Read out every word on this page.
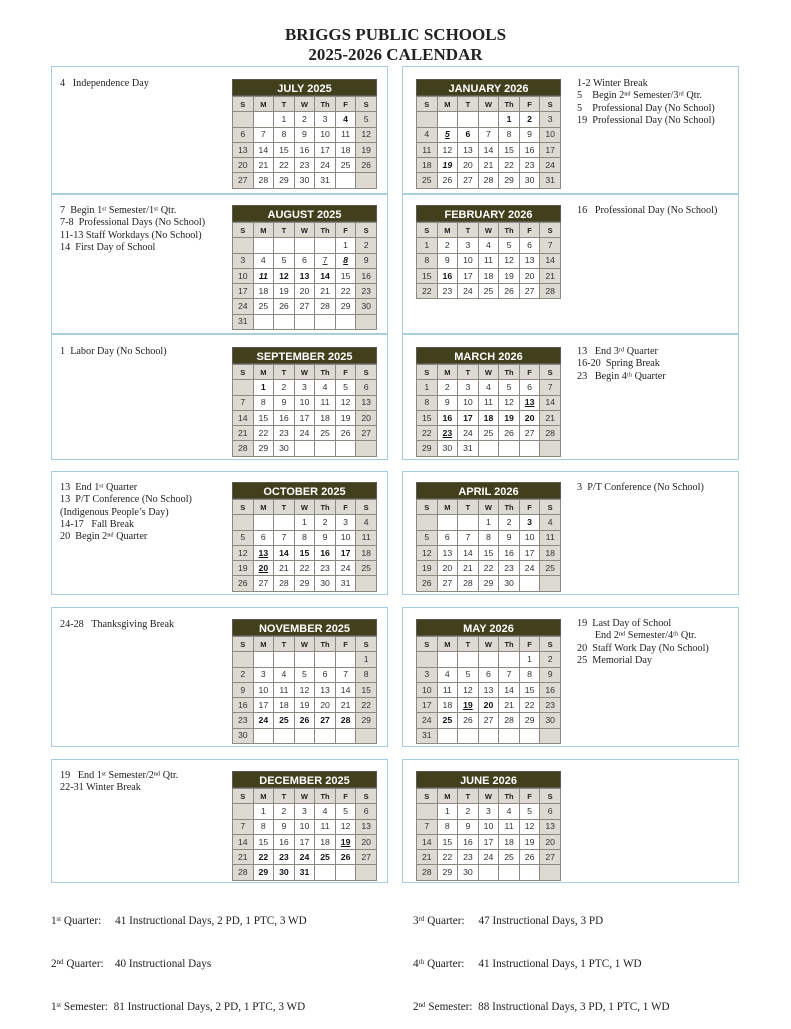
BRIGGS PUBLIC SCHOOLS
2025-2026 CALENDAR
4   Independence Day	JULY 2025
S	M	T	W	Th	F	S
		1	2	3	4	5
6	7	8	9	10	11	12
13	14	15	16	17	18	19
20	21	22	23	24	25	26
27	28	29	30	31		
7  Begin 1ˢᵗ Semester/1ˢᵗ Qtr.
7-8  Professional Days (No School)
11-13 Staff Workdays (No School)
14  First Day of School
AUGUST 2025
S	M	T	W	Th	F	S
					1	2
3	4	5	6	7	8	9
10	11	12	13	14	15	16
17	18	19	20	21	22	23
24	25	26	27	28	29	30
31						
1  Labor Day (No School)	SEPTEMBER 2025
S	M	T	W	Th	F	S
	1	2	3	4	5	6
7	8	9	10	11	12	13
14	15	16	17	18	19	20
21	22	23	24	25	26	27
28	29	30				
13  End 1ˢᵗ Quarter
13  P/T Conference (No School)
(Indigenous People’s Day)
14-17   Fall Break
20  Begin 2ⁿᵈ Quarter
OCTOBER 2025
S	M	T	W	Th	F	S
			1	2	3	4
5	6	7	8	9	10	11
12	13	14	15	16	17	18
19	20	21	22	23	24	25
26	27	28	29	30	31	
24-28   Thanksgiving Break	NOVEMBER 2025
S	M	T	W	Th	F	S
						1
2	3	4	5	6	7	8
9	10	11	12	13	14	15
16	17	18	19	20	21	22
23	24	25	26	27	28	29
30						
19   End 1ˢᵗ Semester/2ⁿᵈ Qtr.
22-31 Winter Break
DECEMBER 2025
S	M	T	W	Th	F	S
	1	2	3	4	5	6
7	8	9	10	11	12	13
14	15	16	17	18	19	20
21	22	23	24	25	26	27
28	29	30	31			
JANUARY 2026
S	M	T	W	Th	F	S
				1	2	3
4	5	6	7	8	9	10
11	12	13	14	15	16	17
18	19	20	21	22	23	24
25	26	27	28	29	30	31
1-2 Winter Break
5    Begin 2ⁿᵈ Semester/3ʳᵈ Qtr.
5    Professional Day (No School)
19  Professional Day (No School)
FEBRUARY 2026
S	M	T	W	Th	F	S
1	2	3	4	5	6	7
8	9	10	11	12	13	14
15	16	17	18	19	20	21
22	23	24	25	26	27	28
16   Professional Day (No School)
MARCH 2026
S	M	T	W	Th	F	S
1	2	3	4	5	6	7
8	9	10	11	12	13	14
15	16	17	18	19	20	21
22	23	24	25	26	27	28
29	30	31				
13   End 3ʳᵈ Quarter
16-20  Spring Break
23   Begin 4ᵗʰ Quarter
APRIL 2026
S	M	T	W	Th	F	S
			1	2	3	4
5	6	7	8	9	10	11
12	13	14	15	16	17	18
19	20	21	22	23	24	25
26	27	28	29	30		
3  P/T Conference (No School)
MAY 2026
S	M	T	W	Th	F	S
					1	2
3	4	5	6	7	8	9
10	11	12	13	14	15	16
17	18	19	20	21	22	23
24	25	26	27	28	29	30
31						
19  Last Day of School
End 2ⁿᵈ Semester/4ᵗʰ Qtr.
20  Staff Work Day (No School)
25  Memorial Day
JUNE 2026
S	M	T	W	Th	F	S
	1	2	3	4	5	6
7	8	9	10	11	12	13
14	15	16	17	18	19	20
21	22	23	24	25	26	27
28	29	30				

1ˢᵗ Quarter:     41 Instructional Days, 2 PD, 1 PTC, 3 WD

2ⁿᵈ Quarter:    40 Instructional Days

1ˢᵗ Semester:  81 Instructional Days, 2 PD, 1 PTC, 3 WD

3ʳᵈ Quarter:     47 Instructional Days, 3 PD

4ᵗʰ Quarter:     41 Instructional Days, 1 PTC, 1 WD

2ⁿᵈ Semester:  88 Instructional Days, 3 PD, 1 PTC, 1 WD
